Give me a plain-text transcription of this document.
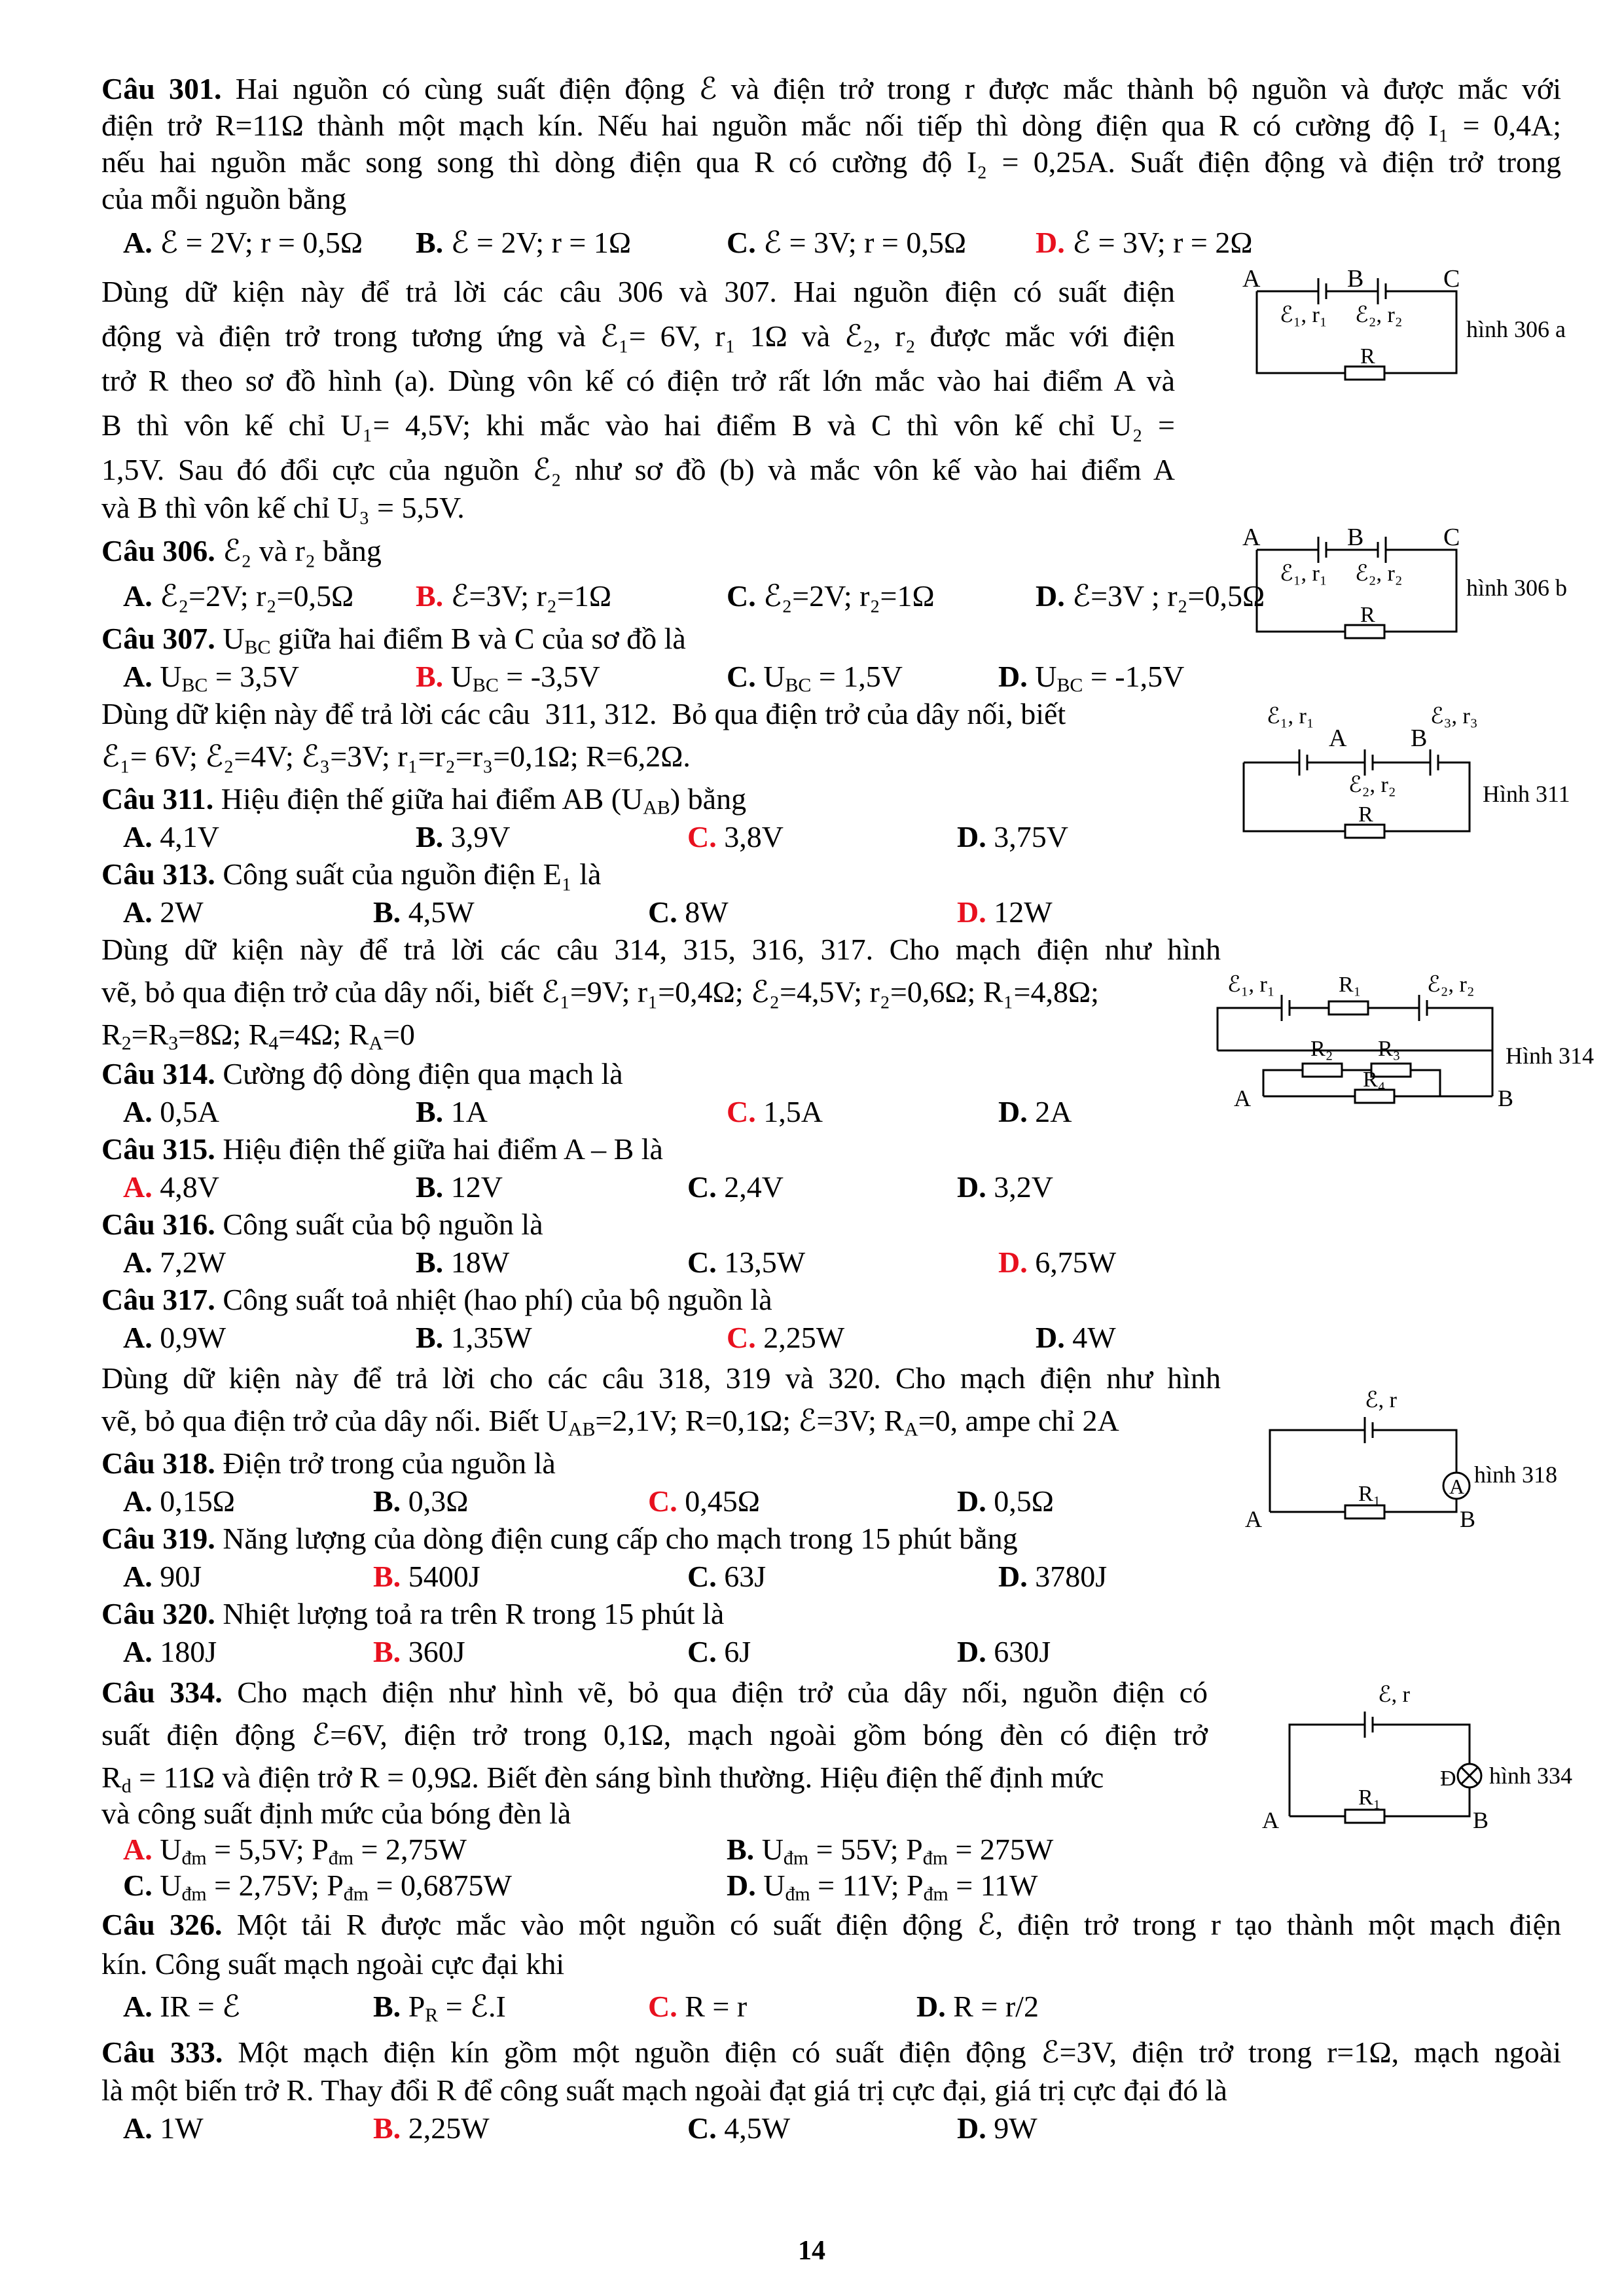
Câu 301. Hai nguồn có cùng suất điện động ℰ và điện trở trong r được mắc thành bộ nguồn và được mắc với
điện trở R=11Ω thành một mạch kín. Nếu hai nguồn mắc nối tiếp thì dòng điện qua R có cường độ I₁ = 0,4A;
nếu hai nguồn mắc song song thì dòng điện qua R có cường độ I₂ = 0,25A. Suất điện động và điện trở trong
của mỗi nguồn bằng
A. ℰ = 2V; r = 0,5Ω B. ℰ = 2V; r = 1Ω	C. ℰ = 3V; r = 0,5Ω D. ℰ = 3V; r = 2Ω
Dùng dữ kiện này để trả lời các câu 306 và 307. Hai nguồn điện có suất điện
động và điện trở trong tương ứng và ℰ₁= 6V, r₁ 1Ω và ℰ₂, r₂ được mắc với điện
trở R theo sơ đồ hình (a). Dùng vôn kế có điện trở rất lớn mắc vào hai điểm A và
B thì vôn kế chỉ U₁= 4,5V; khi mắc vào hai điểm B và C thì vôn kế chỉ U₂ =
1,5V. Sau đó đổi cực của nguồn ℰ₂ như sơ đồ (b) và mắc vôn kế vào hai điểm A
và B thì vôn kế chỉ U₃ = 5,5V.
Câu 306. ℰ₂ và r₂ bằng
A. ℰ₂=2V; r₂=0,5Ω B. ℰ=3V; r₂=1Ω	C. ℰ₂=2V; r₂=1Ω	D. ℰ=3V ; r₂=0,5Ω
Câu 307. $U_{BC}$ giữa hai điểm B và C của sơ đồ là
A. $U_{BC} = 3,5V$	B. $U_{BC} = -3,5V$	C. $U_{BC} = 1,5V$	D. $U_{BC} = -1,5V$
Dùng dữ kiện này để trả lời các câu  311, 312.  Bỏ qua điện trở của dây nối, biết
ℰ₁= 6V; ℰ₂=4V; ℰ₃=3V; r₁=r₂=r₃=0,1Ω; R=6,2Ω.
Câu 311. Hiệu điện thế giữa hai điểm AB $(U_{AB})$ bằng
A. 4,1V	B. 3,9V	C. 3,8V	D. 3,75V
Câu 313. Công suất của nguồn điện E₁ là
A. 2W	B. 4,5W	C. 8W	D. 12W
Dùng dữ kiện này để trả lời các câu 314, 315, 316, 317. Cho mạch điện như hình
vẽ, bỏ qua điện trở của dây nối, biết ℰ₁=9V; r₁=0,4Ω; ℰ₂=4,5V; r₂=0,6Ω; R₁=4,8Ω;
$R_2=R_3=8\Omega$; $R_4=4\Omega$; $R_A=0$
Câu 314. Cường độ dòng điện qua mạch là
A. 0,5A	B. 1A	C. 1,5A	D. 2A
Câu 315. Hiệu điện thế giữa hai điểm A – B là
A. 4,8V	B. 12V	C. 2,4V	D. 3,2V
Câu 316. Công suất của bộ nguồn là
A. 7,2W	B. 18W	C. 13,5W	D. 6,75W
Câu 317. Công suất toả nhiệt (hao phí) của bộ nguồn là
A. 0,9W	B. 1,35W	C. 2,25W	D. 4W
Dùng dữ kiện này để trả lời cho các câu 318, 319 và 320. Cho mạch điện như hình
vẽ, bỏ qua điện trở của dây nối. Biết $U_{AB}=2,1V$; R=0,1Ω; ℰ=3V; $R_A=0$, ampe chỉ 2A
Câu 318. Điện trở trong của nguồn là
A. 0,15Ω	B. 0,3Ω	C. 0,45Ω	D. 0,5Ω
Câu 319. Năng lượng của dòng điện cung cấp cho mạch trong 15 phút bằng
A. 90J	B. 5400J	C. 63J	D. 3780J
Câu 320. Nhiệt lượng toả ra trên R trong 15 phút là
A. 180J	B. 360J	C. 6J	D. 630J
Câu 334. Cho mạch điện như hình vẽ, bỏ qua điện trở của dây nối, nguồn điện có
suất điện động ℰ=6V, điện trở trong 0,1Ω, mạch ngoài gồm bóng đèn có điện trở
$R_d = 11\Omega$ và điện trở R = 0,9Ω. Biết đèn sáng bình thường. Hiệu điện thế định mức
và công suất định mức của bóng đèn là
A. $U_{đm} = 5,5V$; $P_{đm} = 2,75W$	B. $U_{đm} = 55V$; $P_{đm} = 275W$
C. $U_{đm} = 2,75V$; $P_{đm} = 0,6875W$	D. $U_{đm} = 11V$; $P_{đm} = 11W$
Câu 326. Một tải R được mắc vào một nguồn có suất điện động ℰ, điện trở trong r tạo thành một mạch điện
kín. Công suất mạch ngoài cực đại khi
A. IR = ℰ	B. $P_R$ = ℰ.I	C. R = r	D. R = r/2
Câu 333. Một mạch điện kín gồm một nguồn điện có suất điện động ℰ=3V, điện trở trong r=1Ω, mạch ngoài
là một biến trở R. Thay đổi R để công suất mạch ngoài đạt giá trị cực đại, giá trị cực đại đó là
A. 1W	B. 2,25W	C. 4,5W	D. 9W
A	B	C
ℰ₁, r₁ ℰ₂, r₂
R
hình 306 a
A	B	C
ℰ₁, r₁ ℰ₂, r₂
R
hình 306 b
ℰ₁, r₁	ℰ₃, r₃
A	B
ℰ₂, r₂
R
Hình 311
ℰ₁, r₁	R₁	ℰ₂, r₂
R₂ R₃
R₄
A	B
Hình 314
ℰ, r
A
R₁
A	B
hình 318
ℰ, r
Đ
R₁
A	B
hình 334
14
